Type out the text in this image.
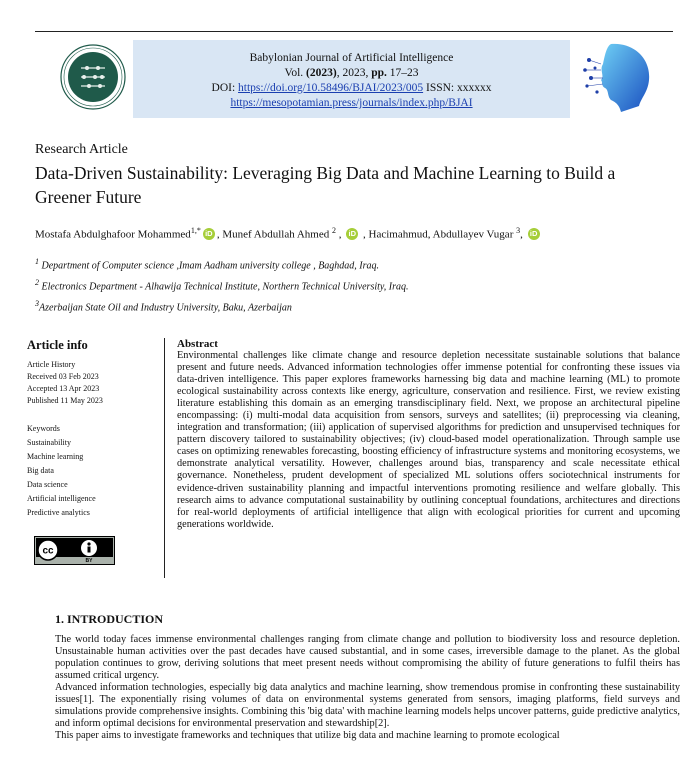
Babylonian Journal of Artificial Intelligence
Vol. (2023), 2023, pp. 17–23
DOI: https://doi.org/10.58496/BJAI/2023/005 ISSN: xxxxxx
https://mesopotamian.press/journals/index.php/BJAI
Research Article
Data-Driven Sustainability: Leveraging Big Data and Machine Learning to Build a Greener Future
Mostafa Abdulghafoor Mohammed$^{1,*}$ iD , Munef Abdullah Ahmed $^2$ , iD , Hacimahmud, Abdullayev Vugar $^3$, iD
$^1$ Department of Computer science ,Imam Aadham university college , Baghdad, Iraq.
$^2$ Electronics Department - Alhawija Technical Institute, Northern Technical University, Iraq.
$^3$Azerbaijan State Oil and Industry University, Baku, Azerbaijan
Article info
Article History
Received 03 Feb 2023
Accepted 13 Apr 2023
Published 11 May 2023
Keywords
Sustainability
Machine learning
Big data
Data science
Artificial intelligence
Predictive analytics
cc
BY
Abstract
Environmental challenges like climate change and resource depletion necessitate sustainable solutions that balance present and future needs. Advanced information technologies offer immense potential for confronting these issues via data-driven intelligence. This paper explores frameworks harnessing big data and machine learning (ML) to promote ecological sustainability across contexts like energy, agriculture, conservation and resilience. First, we review existing literature establishing this domain as an emerging transdisciplinary field. Next, we propose an architectural pipeline encompassing: (i) multi-modal data acquisition from sensors, surveys and satellites; (ii) preprocessing via cleaning, integration and transformation; (iii) application of supervised algorithms for prediction and unsupervised techniques for pattern discovery tailored to sustainability objectives; (iv) cloud-based model operationalization. Through sample use cases on optimizing renewables forecasting, boosting efficiency of infrastructure systems and monitoring ecosystems, we demonstrate analytical versatility. However, challenges around bias, transparency and scale necessitate ethical governance. Nonetheless, prudent development of specialized ML solutions offers sociotechnical instruments for evidence-driven sustainability planning and impactful interventions promoting resilience and welfare globally. This research aims to advance computational sustainability by outlining conceptual foundations, architectures and directions for real-world deployments of artificial intelligence that align with ecological priorities for current and upcoming generations worldwide.
1. INTRODUCTION

The world today faces immense environmental challenges ranging from climate change and pollution to biodiversity loss and resource depletion. Unsustainable human activities over the past decades have caused substantial, and in some cases, irreversible damage to the planet. As the global population continues to grow, deriving solutions that meet present needs without compromising the ability of future generations to fulfil theirs has assumed critical urgency.

Advanced information technologies, especially big data analytics and machine learning, show tremendous promise in confronting these sustainability issues[1]. The exponentially rising volumes of data on environmental systems generated from sensors, imaging platforms, field surveys and simulations provide comprehensive insights. Combining this 'big data' with machine learning models helps uncover patterns, guide predictive analytics, and inform optimal decisions for environmental preservation and stewardship[2].

This paper aims to investigate frameworks and techniques that utilize big data and machine learning to promote ecological
